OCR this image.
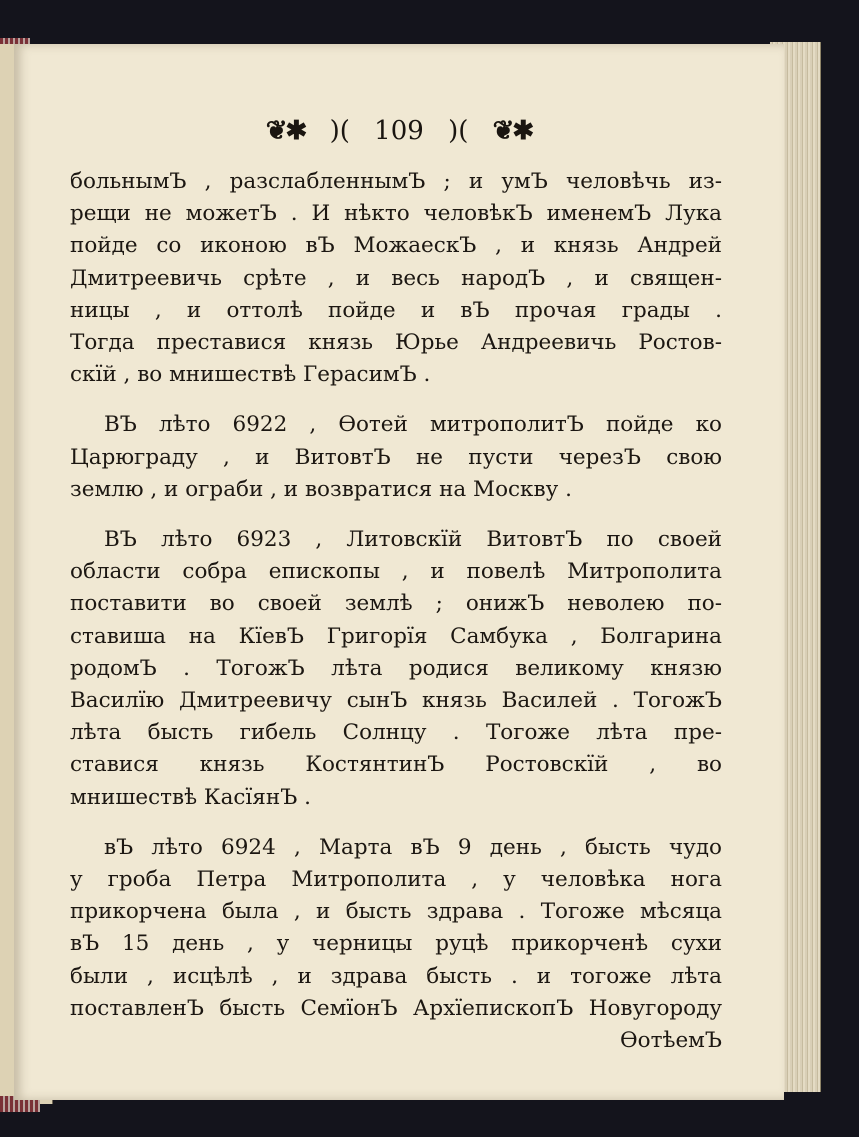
❦✱ )( 109 )( ❦✱
больнымЪ , разслабленнымЪ ; и умЪ человѣчь из-
рещи не можетЪ . И нѣкто человѣкЪ именемЪ Лука
пойде со иконою вЪ МожаескЪ , и князь Андрей
Дмитреевичь срѣте , и весь народЪ , и священ-
ницы , и оттолѣ пойде и вЪ прочая грады .
Тогда преставися князь Юрье Андреевичь Ростов-
скїй , во мнишествѣ ГерасимЪ .
ВЪ лѣто 6922 , Ѳотей митрополитЪ пойде ко
Царюграду , и ВитовтЪ не пусти черезЪ свою
землю , и ограби , и возвратися на Москву .
ВЪ лѣто 6923 , Литовскїй ВитовтЪ по своей
области собра епископы , и повелѣ Митрополита
поставити во своей землѣ ; онижЪ неволею по-
ставиша на КїевЪ Григорїя Самбука , Болгарина
родомЪ . ТогожЪ лѣта родися великому князю
Василїю Дмитреевичу сынЪ князь Василей . ТогожЪ
лѣта бысть гибель Солнцу . Тогоже лѣта пре-
ставися князь КостянтинЪ Ростовскїй , во
мнишествѣ КасїянЪ .
вЪ лѣто 6924 , Марта вЪ 9 день , бысть чудо
у гроба Петра Митрополита , у человѣка нога
прикорчена была , и бысть здрава . Тогоже мѣсяца
вЪ 15 день , у черницы руцѣ прикорченѣ сухи
были , исцѣлѣ , и здрава бысть . и тогоже лѣта
поставленЪ бысть СемїонЪ АрхїепископЪ Новугороду
ѲотѣемЪ
